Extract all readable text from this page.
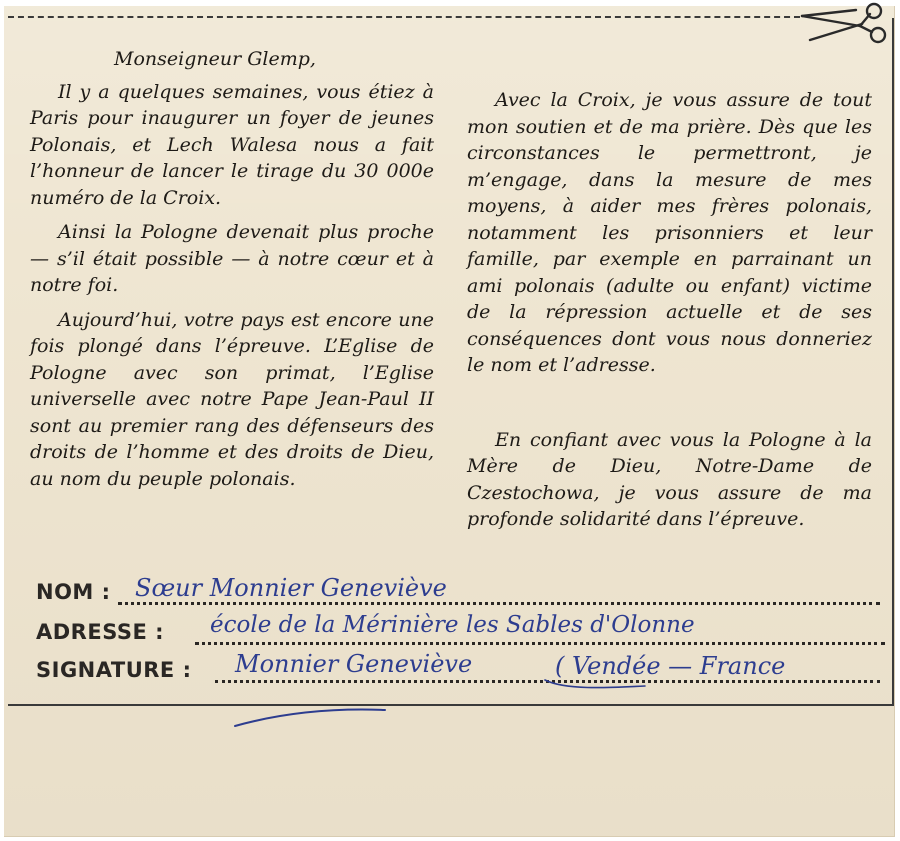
Monseigneur Glemp,

Il y a quelques semaines, vous étiez à Paris pour inaugurer un foyer de jeunes Polonais, et Lech Walesa nous a fait l’honneur de lancer le tirage du 30 000e numéro de la Croix.

Ainsi la Pologne devenait plus proche — s’il était possible — à notre cœur et à notre foi.

Aujourd’hui, votre pays est encore une fois plongé dans l’épreuve. L’Eglise de Pologne avec son primat, l’Eglise universelle avec notre Pape Jean-Paul II sont au premier rang des défenseurs des droits de l’homme et des droits de Dieu, au nom du peuple polonais.

Avec la Croix, je vous assure de tout mon soutien et de ma prière. Dès que les circonstances le permettront, je m’engage, dans la mesure de mes moyens, à aider mes frères polonais, notamment les prisonniers et leur famille, par exemple en parrainant un ami polonais (adulte ou enfant) victime de la répression actuelle et de ses conséquences dont vous nous donneriez le nom et l’adresse.

En confiant avec vous la Pologne à la Mère de Dieu, Notre-Dame de Czestochowa, je vous assure de ma profonde solidarité dans l’épreuve.

NOM : Sœur Monnier Geneviève
ADRESSE : école de la Mérinière les Sables d'Olonne
SIGNATURE : Monnier Geneviève	( Vendée — France
